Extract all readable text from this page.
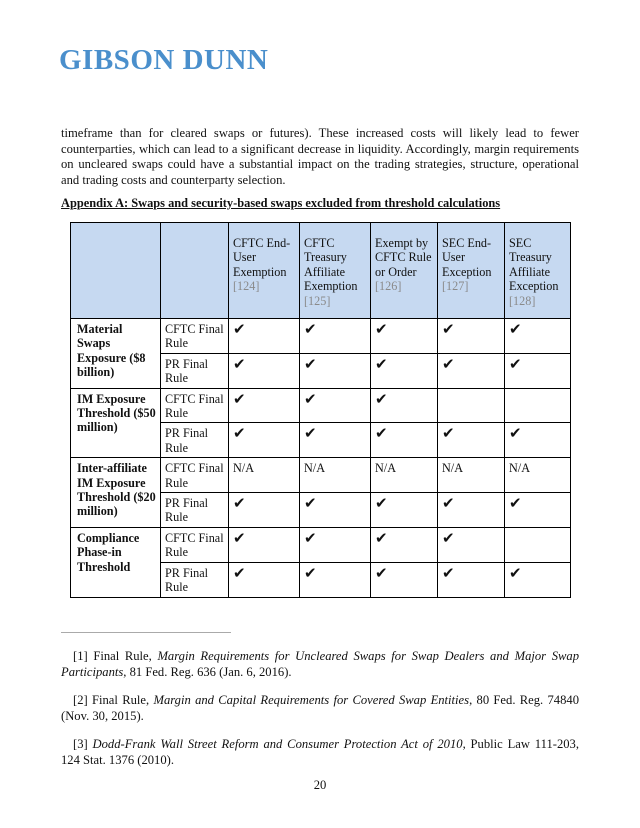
GIBSON DUNN
timeframe than for cleared swaps or futures). These increased costs will likely lead to fewer counterparties, which can lead to a significant decrease in liquidity. Accordingly, margin requirements on uncleared swaps could have a substantial impact on the trading strategies, structure, operational and trading costs and counterparty selection.
Appendix A: Swaps and security-based swaps excluded from threshold calculations
		CFTC End-User Exemption [124]	CFTC Treasury Affiliate Exemption [125]	Exempt by CFTC Rule or Order [126]	SEC End-User Exception [127]	SEC Treasury Affiliate Exception [128]
Material Swaps Exposure ($8 billion)	CFTC Final Rule	✔	✔	✔	✔	✔
	PR Final Rule	✔	✔	✔	✔	✔
IM Exposure Threshold ($50 million)	CFTC Final Rule	✔	✔	✔		
	PR Final Rule	✔	✔	✔	✔	✔
Inter-affiliate IM Exposure Threshold ($20 million)	CFTC Final Rule	N/A	N/A	N/A	N/A	N/A
	PR Final Rule	✔	✔	✔	✔	✔
Compliance Phase-in Threshold	CFTC Final Rule	✔	✔	✔	✔	
	PR Final Rule	✔	✔	✔	✔	✔

[1] Final Rule, Margin Requirements for Uncleared Swaps for Swap Dealers and Major Swap Participants, 81 Fed. Reg. 636 (Jan. 6, 2016).

[2] Final Rule, Margin and Capital Requirements for Covered Swap Entities, 80 Fed. Reg. 74840 (Nov. 30, 2015).

[3] Dodd-Frank Wall Street Reform and Consumer Protection Act of 2010, Public Law 111-203, 124 Stat. 1376 (2010).

20
